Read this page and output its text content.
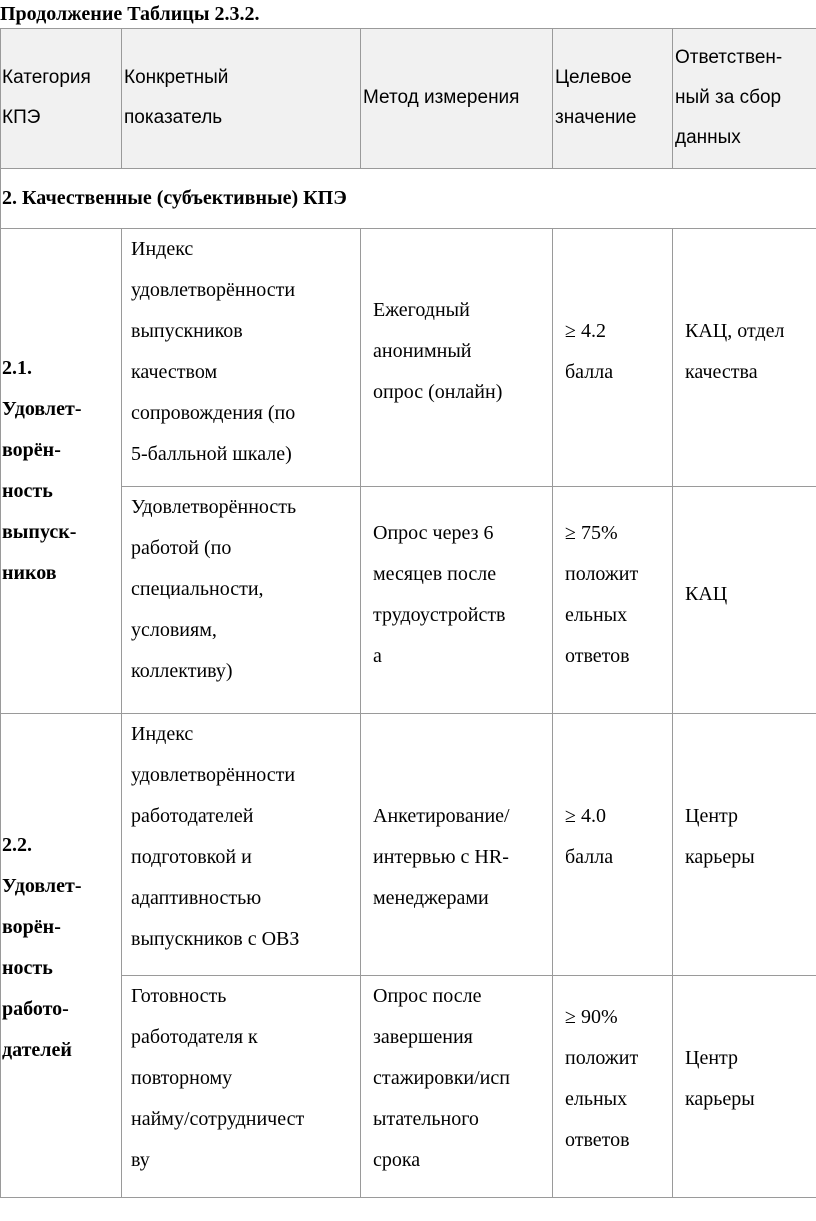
Продолжение Таблицы 2.3.2.
Категория
КПЭ
Конкретный
показатель
Метод измерения
Целевое
значение
Ответствен-
ный за сбор
данных
2. Качественные (субъективные) КПЭ
2.1.
Удовлет-
ворён-
ность
выпуск-
ников
Индекс
удовлетворённости
выпускников
качеством
сопровождения (по
5-балльной шкале)
Ежегодный
анонимный
опрос (онлайн)
≥ 4.2
балла
КАЦ, отдел
качества
Удовлетворённость
работой (по
специальности,
условиям,
коллективу)
Опрос через 6
месяцев после
трудоустройств
а
≥ 75%
положит
ельных
ответов
КАЦ
2.2.
Удовлет-
ворён-
ность
работо-
дателей
Индекс
удовлетворённости
работодателей
подготовкой и
адаптивностью
выпускников с ОВЗ
Анкетирование/
интервью с HR-
менеджерами
≥ 4.0
балла
Центр
карьеры
Готовность
работодателя к
повторному
найму/сотрудничест
ву
Опрос после
завершения
стажировки/исп
ытательного
срока
≥ 90%
положит
ельных
ответов
Центр
карьеры
